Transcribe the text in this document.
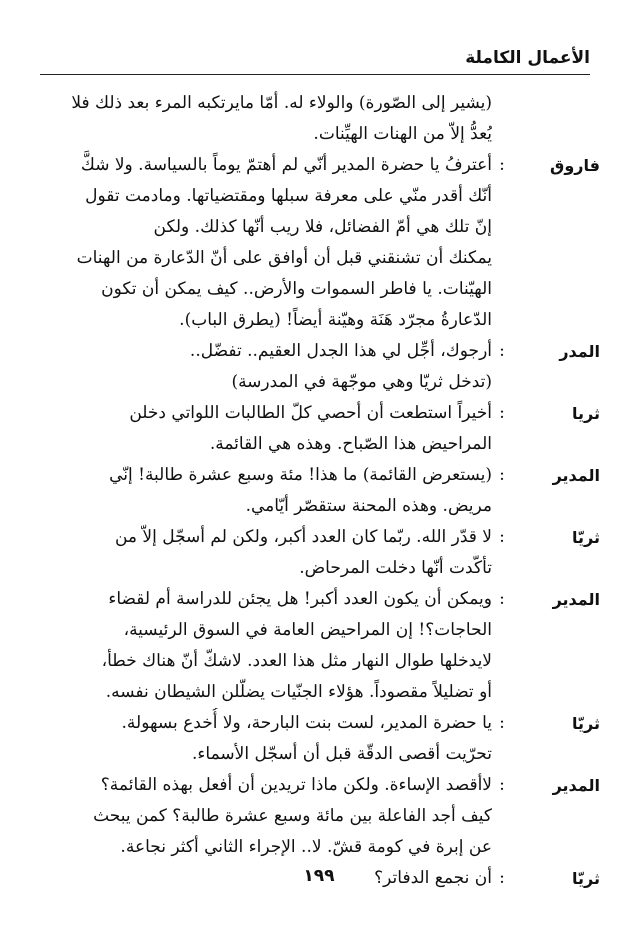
الأعمال الكاملة
(يشير إلى الصّورة) والولاء له. أمّا مايرتكبه المرء بعد ذلك فلا
يُعدُّ إلاّ من الهنات الهيِّنات.
فاروق
:
أعترفُ يا حضرة المدير أنّي لم أهتمّ يوماً بالسياسة. ولا شكَّ
أنّك أقدر منّي على معرفة سبلها ومقتضياتها. ومادمت تقول
إنّ تلك هي أمّ الفضائل، فلا ريب أنّها كذلك. ولكن
يمكنك أن تشنقني قبل أن أوافق على أنّ الدّعارة من الهنات
الهيّنات. يا فاطر السموات والأرض.. كيف يمكن أن تكون
الدّعارةُ مجرّد هَنَة وهيّنة أيضاً! (يطرق الباب).
المدر
:
أرجوك، أجِّل لي هذا الجدل العقيم.. تفضّل..
(تدخل ثريّا وهي موجّهة في المدرسة)
ثريا
:
أخيراً استطعت أن أحصي كلّ الطالبات اللواتي دخلن
المراحيض هذا الصّباح. وهذه هي القائمة.
المدير
:
(يستعرض القائمة) ما هذا! مئة وسبع عشرة طالبة! إنّي
مريض. وهذه المحنة ستقصّر أيّامي.
ثريّا
:
لا قدّر الله. ربّما كان العدد أكبر، ولكن لم أسجّل إلاّ من
تأكّدت أنّها دخلت المرحاض.
المدير
:
ويمكن أن يكون العدد أكبر! هل يجئن للدراسة أم لقضاء
الحاجات؟! إن المراحيض العامة في السوق الرئيسية،
لايدخلها طوال النهار مثل هذا العدد. لاشكّ أنّ هناك خطأ،
أو تضليلاً مقصوداً. هؤلاء الجنّيات يضلّلن الشيطان نفسه.
ثريّا
:
يا حضرة المدير، لست بنت البارحة، ولا أُخدع بسهولة.
تحرّيت أقصى الدقّة قبل أن أسجّل الأسماء.
المدير
:
لاأقصد الإساءة. ولكن ماذا تريدين أن أفعل بهذه القائمة؟
كيف أجد الفاعلة بين مائة وسبع عشرة طالبة؟ كمن يبحث
عن إبرة في كومة قشّ. لا.. الإجراء الثاني أكثر نجاعة.
ثريّا
:
أن نجمع الدفاتر؟
١٩٩
